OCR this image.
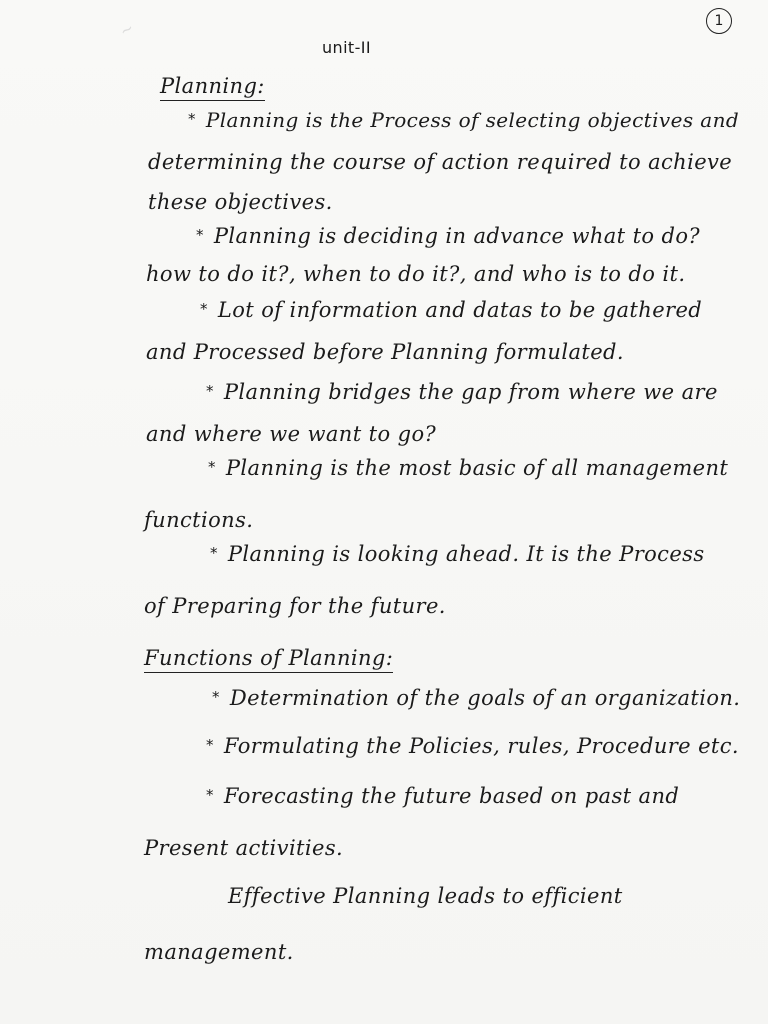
~	1
unit-II
Planning:
* Planning is the Process of selecting objectives and
determining the course of action required to achieve
these objectives.
* Planning is deciding in advance what to do?
how to do it?, when to do it?, and who is to do it.
* Lot of information and datas to be gathered
and Processed before Planning formulated.
* Planning bridges the gap from where we are
and where we want to go?
* Planning is the most basic of all management
functions.
* Planning is looking ahead. It is the Process
of Preparing for the future.
Functions of Planning:
* Determination of the goals of an organization.
* Formulating the Policies, rules, Procedure etc.
* Forecasting the future based on past and
Present activities.
Effective Planning leads to efficient
management.
